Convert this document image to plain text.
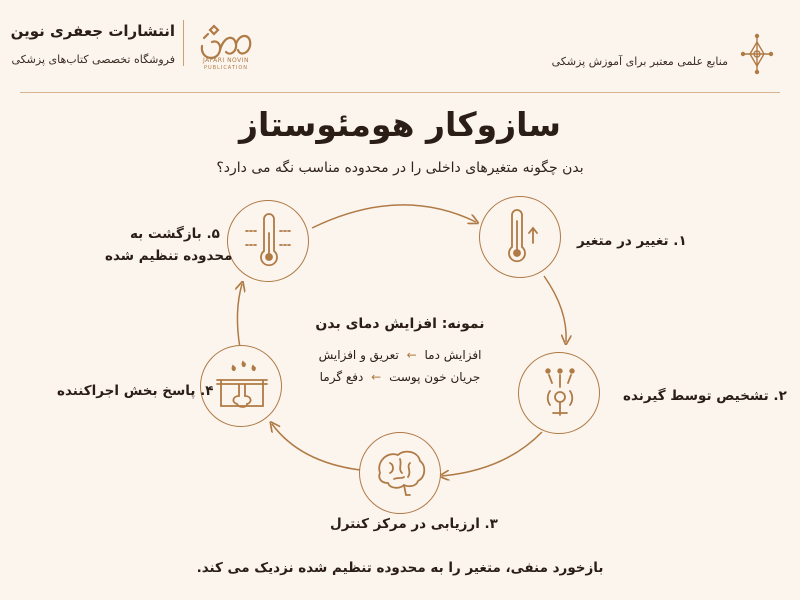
انتشارات جعفری نوین
فروشگاه تخصصی کتاب‌های پزشکی	JAFARI NOVIN
PUBLICATION	منابع علمی معتبر برای آموزش پزشکی
سازوکار هومئوستاز
بدن چگونه متغیرهای داخلی را در محدوده مناسب نگه می دارد؟
۱. تغییر در متغیر
۲. تشخیص توسط گیرنده
۳. ارزیابی در مرکز کنترل
۴. پاسخ بخش اجراکننده
۵. بازگشت به
محدوده تنظیم شده
نمونه: افزایش دمای بدن
افزایش دما ← تعریق و افزایش
جریان خون پوست ← دفع گرما
بازخورد منفی، متغیر را به محدوده تنظیم شده نزدیک می کند.
